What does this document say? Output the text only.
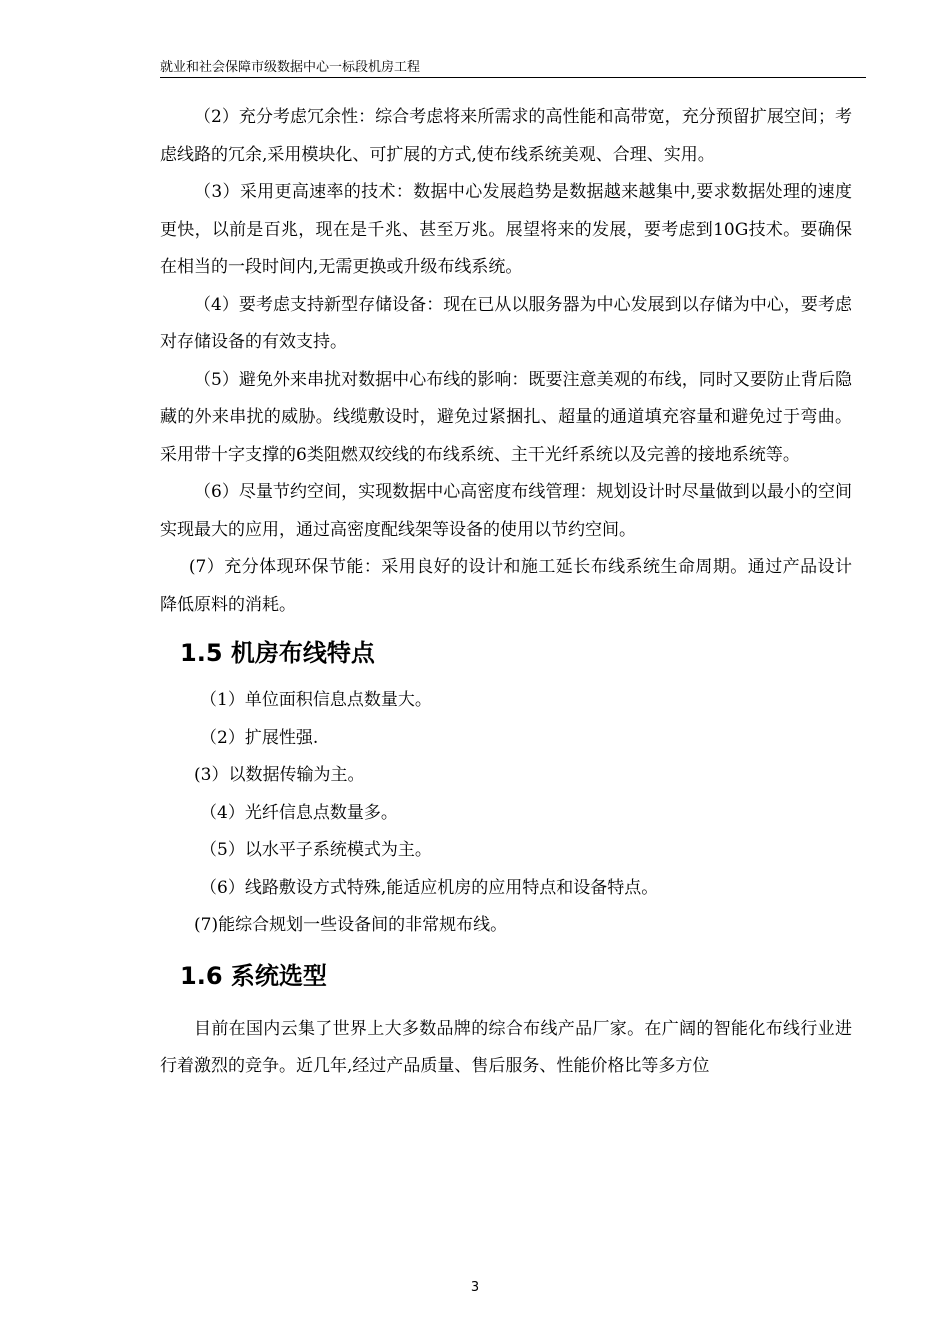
就业和社会保障市级数据中心一标段机房工程

（2）充分考虑冗余性：综合考虑将来所需求的高性能和高带宽，充分预留扩展空间；考虑线路的冗余,采用模块化、可扩展的方式,使布线系统美观、合理、实用。

（3）采用更高速率的技术：数据中心发展趋势是数据越来越集中,要求数据处理的速度更快，以前是百兆，现在是千兆、甚至万兆。展望将来的发展，要考虑到10G技术。要确保在相当的一段时间内,无需更换或升级布线系统。

（4）要考虑支持新型存储设备：现在已从以服务器为中心发展到以存储为中心，要考虑对存储设备的有效支持。

（5）避免外来串扰对数据中心布线的影响：既要注意美观的布线，同时又要防止背后隐藏的外来串扰的威胁。线缆敷设时，避免过紧捆扎、超量的通道填充容量和避免过于弯曲。采用带十字支撑的6类阻燃双绞线的布线系统、主干光纤系统以及完善的接地系统等。

（6）尽量节约空间，实现数据中心高密度布线管理：规划设计时尽量做到以最小的空间实现最大的应用，通过高密度配线架等设备的使用以节约空间。

(7）充分体现环保节能：采用良好的设计和施工延长布线系统生命周期。通过产品设计降低原料的消耗。

1.5 机房布线特点
（1）单位面积信息点数量大。
（2）扩展性强.
(3）以数据传输为主。
（4）光纤信息点数量多。
（5）以水平子系统模式为主。
（6）线路敷设方式特殊,能适应机房的应用特点和设备特点。
(7)能综合规划一些设备间的非常规布线。
1.6 系统选型

目前在国内云集了世界上大多数品牌的综合布线产品厂家。在广阔的智能化布线行业进行着激烈的竞争。近几年,经过产品质量、售后服务、性能价格比等多方位

3
